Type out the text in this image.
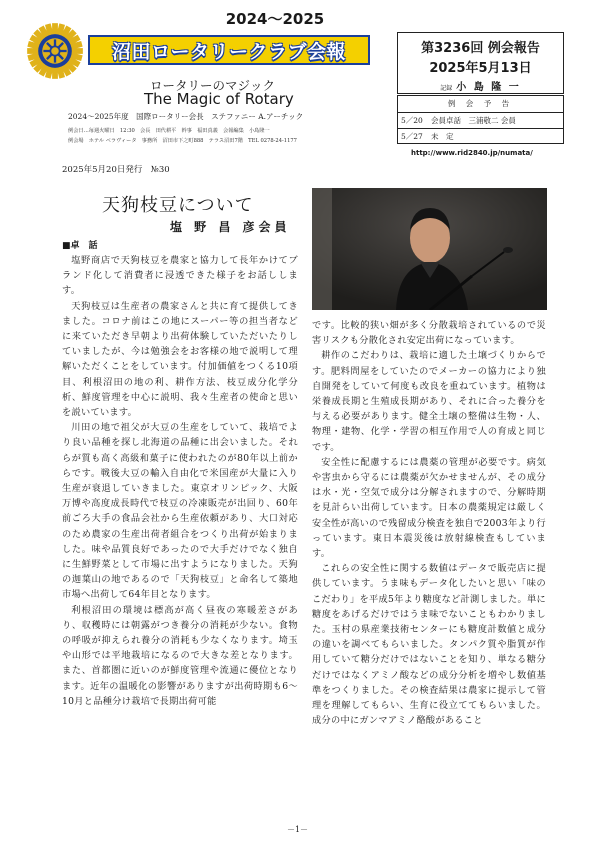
2024～2025
沼田ロータリークラブ会報
ロータリーのマジック
The Magic of Rotary
2024～2025年度　国際ロータリー会長　ステファニー A.アーチック
例会日…毎週火曜日　12:30　会長　田代耕平　幹事　福田真義　会報編集　小島隆一
例会場　ホテル ベラヴィータ　事務所　沼田市下之町888　テラス沼田7階　TEL 0278-24-1177
第3236回 例会報告
2025年5月13日
記録 小 島 隆 一
例 会 予 告
5／20	会員卓話　三浦敬二 会員
5／27	未　定
http://www.rid2840.jp/numata/
2025年5月20日発行　№30
天狗枝豆について
塩 野 昌 彦会員
■卓　話

塩野商店で天狗枝豆を農家と協力して長年かけてブランド化して消費者に浸透できた様子をお話しします。

天狗枝豆は生産者の農家さんと共に育て提供してきました。コロナ前はこの地にスーパー等の担当者などに来ていただき早朝より出荷体験していただいたりしていましたが、今は勉強会をお客様の地で説明して理解いただくことをしています。付加価値をつくる10項目、利根沼田の地の利、耕作方法、枝豆成分化学分析、鮮度管理を中心に説明、我々生産者の使命と思いを説いています。

川田の地で祖父が大豆の生産をしていて、栽培でより良い品種を探し北海道の品種に出会いました。それらが質も高く高級和菓子に使われたのが80年以上前からです。戦後大豆の輸入自由化で米国産が大量に入り生産が衰退していきました。東京オリンピック、大阪万博や高度成長時代で枝豆の冷凍販売が出回り、60年前ごろ大手の食品会社から生産依頼があり、大口対応のため農家の生産出荷者組合をつくり出荷が始まりました。味や品質良好であったので大手だけでなく独自に生鮮野菜として市場に出すようになりました。天狗の迦葉山の地であるので「天狗枝豆」と命名して築地市場へ出荷して64年目となります。

利根沼田の環境は標高が高く昼夜の寒暖差さがあり、収穫時には朝露がつき養分の消耗が少ない。食物の呼吸が抑えられ養分の消耗も少なくなります。埼玉や山形では平地栽培になるので大きな差となります。また、首都圏に近いのが鮮度管理や流通に優位となります。近年の温暖化の影響がありますが出荷時期も6～10月と品種分け栽培で長期出荷可能

です。比較的狭い畑が多く分散栽培されているので災害リスクも分散化され安定出荷になっています。

耕作のこだわりは、栽培に適した土壌づくりからです。肥料問屋をしていたのでメーカーの協力により独自開発をしていて何度も改良を重ねています。植物は栄養成長期と生殖成長期があり、それに合った養分を与える必要があります。健全土壌の整備は生物・人、物理・建物、化学・学習の相互作用で人の育成と同じです。

安全性に配慮するには農薬の管理が必要です。病気や害虫から守るには農薬が欠かせませんが、その成分は水・光・空気で成分は分解されますので、分解時期を見計らい出荷しています。日本の農薬規定は厳しく安全性が高いので残留成分検査を独自で2003年より行っています。東日本震災後は放射線検査もしています。

これらの安全性に関する数値はデータで販売店に提供しています。うま味もデータ化したいと思い「味のこだわり」を平成5年より糖度など計測しました。単に糖度をあげるだけではうま味でないこともわかりました。玉村の県産業技術センターにも糖度計数値と成分の違いを調べてもらいました。タンパク質や脂質が作用していて糖分だけではないことを知り、単なる糖分だけではなくアミノ酸などの成分分析を増やし数値基準をつくりました。その検査結果は農家に提示して管理を理解してもらい、生育に役立ててもらいました。成分の中にガンマアミノ酪酸があること

－1－
